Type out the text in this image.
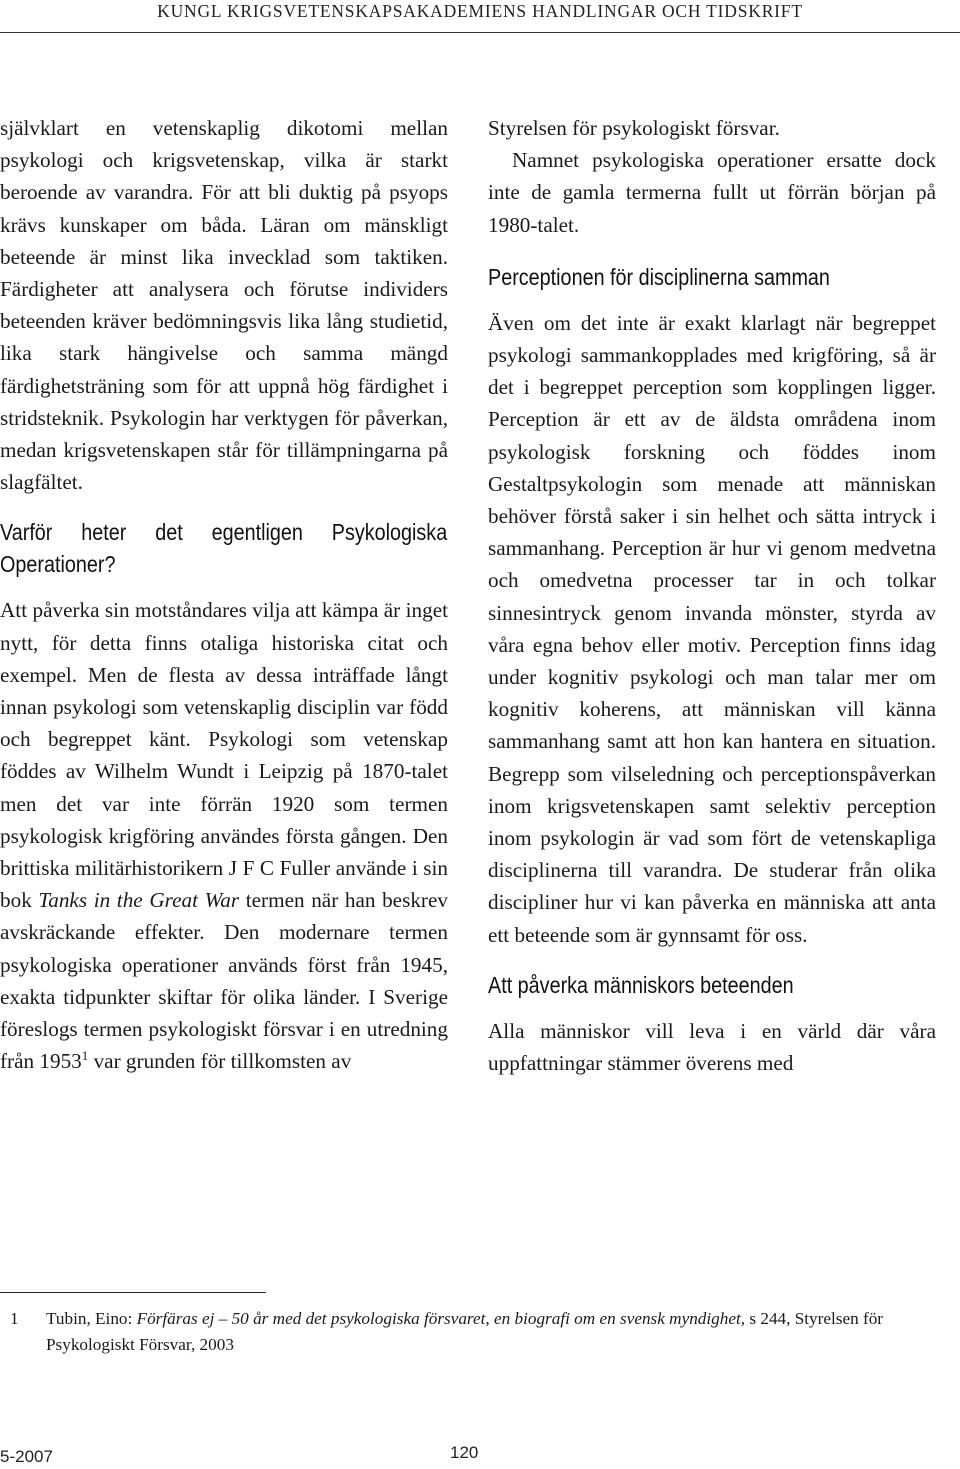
KUNGL KRIGSVETENSKAPSAKADEMIENS HANDLINGAR OCH TIDSKRIFT

självklart en vetenskaplig dikotomi mellan psykologi och krigsvetenskap, vilka är starkt beroende av varandra. För att bli duktig på psyops krävs kunskaper om båda. Läran om mänskligt beteende är minst lika invecklad som taktiken. Färdigheter att analysera och förutse individers beteenden kräver bedömningsvis lika lång studietid, lika stark hängivelse och samma mängd färdighetsträning som för att uppnå hög färdighet i stridsteknik. Psykologin har verktygen för påverkan, medan krigsvetenskapen står för tillämpningarna på slagfältet.

Varför heter det egentligen Psykologiska Operationer?

Att påverka sin motståndares vilja att kämpa är inget nytt, för detta finns otaliga historiska citat och exempel. Men de flesta av dessa inträffade långt innan psykologi som vetenskaplig disciplin var född och begreppet känt. Psykologi som vetenskap föddes av Wilhelm Wundt i Leipzig på 1870-talet men det var inte förrän 1920 som termen psykologisk krigföring användes första gången. Den brittiska militärhistorikern J F C Fuller använde i sin bok Tanks in the Great War termen när han beskrev avskräckande effekter. Den modernare termen psykologiska operationer används först från 1945, exakta tidpunkter skiftar för olika länder. I Sverige föreslogs termen psykologiskt försvar i en utredning från 1953$^1$ var grunden för tillkomsten av

Styrelsen för psykologiskt försvar.

Namnet psykologiska operationer ersatte dock inte de gamla termerna fullt ut förrän början på 1980-talet.

Perceptionen för disciplinerna samman

Även om det inte är exakt klarlagt när begreppet psykologi sammankopplades med krigföring, så är det i begreppet perception som kopplingen ligger. Perception är ett av de äldsta områdena inom psykologisk forskning och föddes inom Gestaltpsykologin som menade att människan behöver förstå saker i sin helhet och sätta intryck i sammanhang. Perception är hur vi genom medvetna och omedvetna processer tar in och tolkar sinnesintryck genom invanda mönster, styrda av våra egna behov eller motiv. Perception finns idag under kognitiv psykologi och man talar mer om kognitiv koherens, att människan vill känna sammanhang samt att hon kan hantera en situation. Begrepp som vilseledning och perceptionspåverkan inom krigsvetenskapen samt selektiv perception inom psykologin är vad som fört de vetenskapliga disciplinerna till varandra. De studerar från olika discipliner hur vi kan påverka en människa att anta ett beteende som är gynnsamt för oss.

Att påverka människors beteenden

Alla människor vill leva i en värld där våra uppfattningar stämmer överens med

1 Tubin, Eino: Förfäras ej – 50 år med det psykologiska försvaret, en biografi om en svensk myndighet, s 244, Styrelsen för Psykologiskt Försvar, 2003
5-2007	120
